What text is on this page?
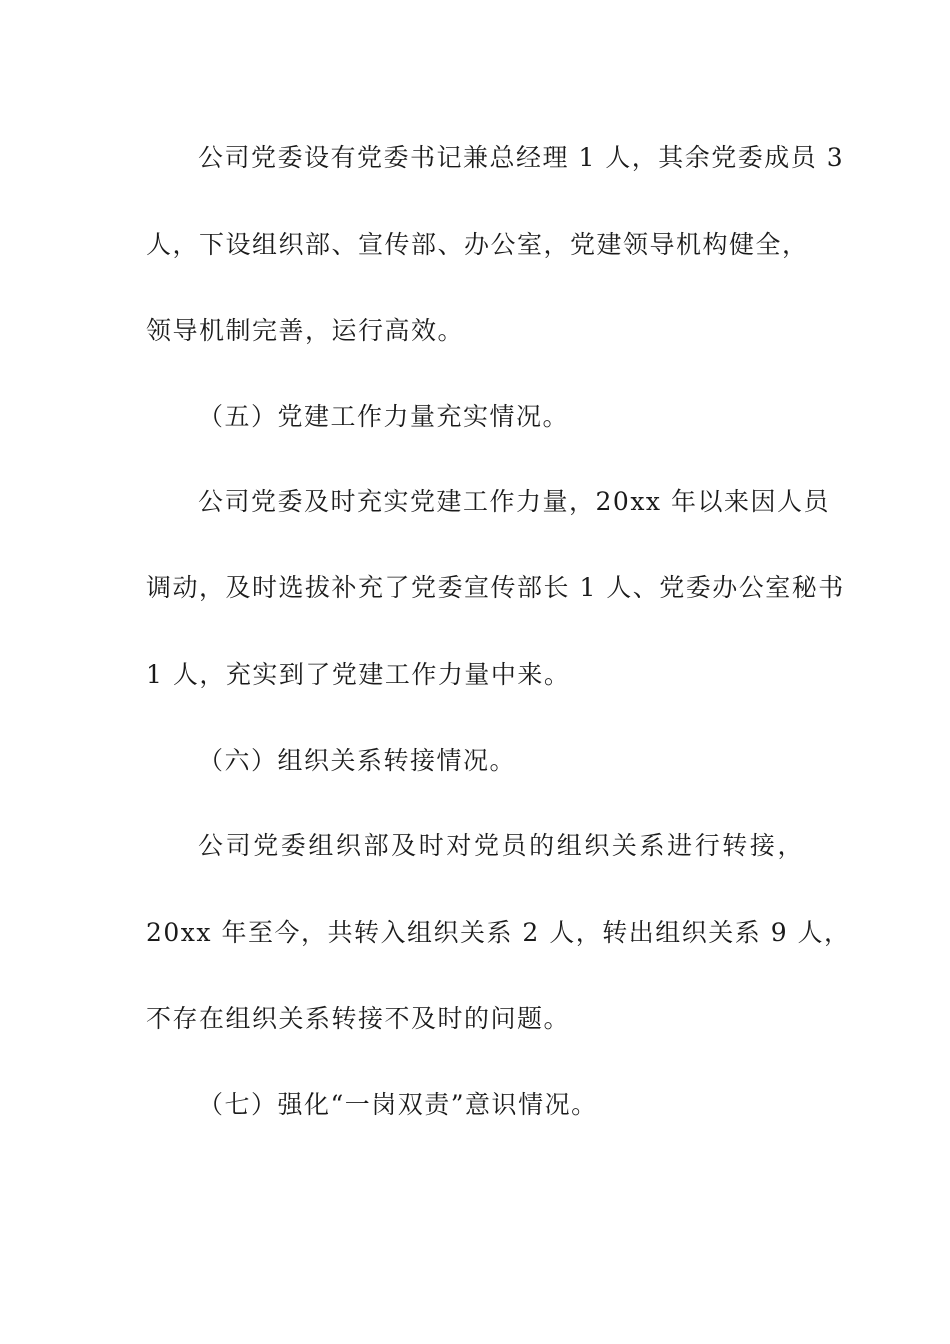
公司党委设有党委书记兼总经理 1 人，其余党委成员 3
人，下设组织部、宣传部、办公室，党建领导机构健全，
领导机制完善，运行高效。
（五）党建工作力量充实情况。
公司党委及时充实党建工作力量，20xx 年以来因人员
调动，及时选拔补充了党委宣传部长 1 人、党委办公室秘书
1 人，充实到了党建工作力量中来。
（六）组织关系转接情况。
公司党委组织部及时对党员的组织关系进行转接，
20xx 年至今，共转入组织关系 2 人，转出组织关系 9 人，
不存在组织关系转接不及时的问题。
（七）强化“一岗双责”意识情况。
